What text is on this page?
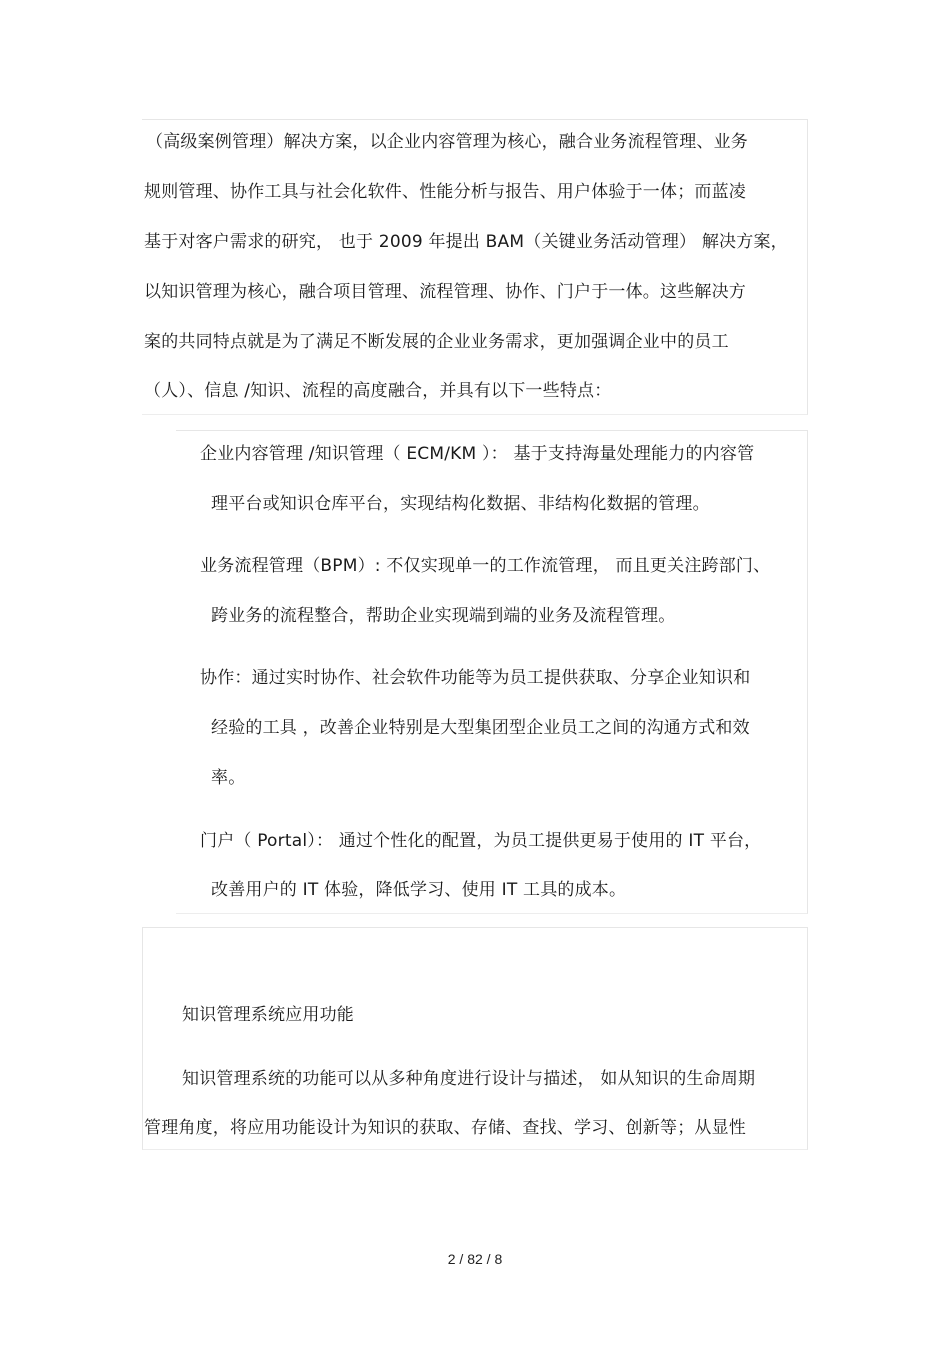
（高级案例管理）解决方案，以企业内容管理为核心，融合业务流程管理、业务
规则管理、协作工具与社会化软件、性能分析与报告、用户体验于一体；而蓝凌
基于对客户需求的研究， 也于 2009 年提出 BAM（关键业务活动管理） 解决方案，
以知识管理为核心，融合项目管理、流程管理、协作、门户于一体。这些解决方
案的共同特点就是为了满足不断发展的企业业务需求，更加强调企业中的员工
（人）、信息 /知识、流程的高度融合，并具有以下一些特点：
企业内容管理 /知识管理（ ECM/KM ）： 基于支持海量处理能力的内容管
理平台或知识仓库平台，实现结构化数据、非结构化数据的管理。
业务流程管理（BPM）: 不仅实现单一的工作流管理， 而且更关注跨部门、
跨业务的流程整合，帮助企业实现端到端的业务及流程管理。
协作：通过实时协作、社会软件功能等为员工提供获取、分享企业知识和
经验的工具 ，改善企业特别是大型集团型企业员工之间的沟通方式和效
率。
门户（ Portal）： 通过个性化的配置，为员工提供更易于使用的 IT 平台，
改善用户的 IT 体验，降低学习、使用 IT 工具的成本。
知识管理系统应用功能
知识管理系统的功能可以从多种角度进行设计与描述， 如从知识的生命周期
管理角度，将应用功能设计为知识的获取、存储、查找、学习、创新等；从显性
2 / 82 / 8
